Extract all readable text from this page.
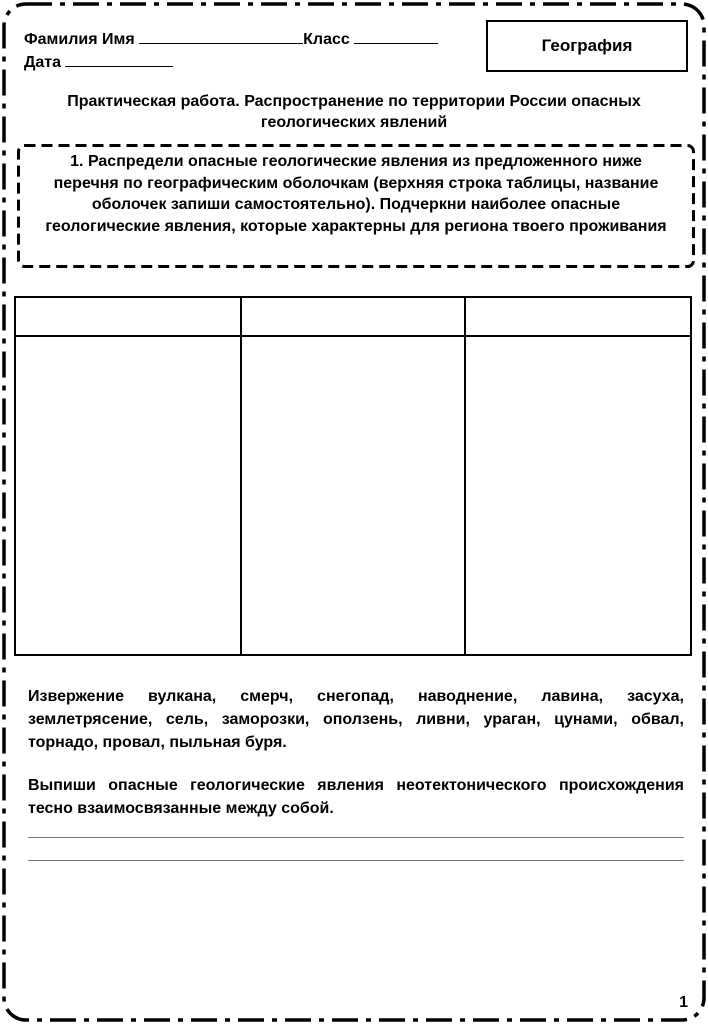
Фамилия Имя	Класс
Дата
География
Практическая работа. Распространение по территории России опасных геологических явлений
1. Распредели опасные геологические явления из предложенного ниже перечня по географическим оболочкам (верхняя строка таблицы, название оболочек запиши самостоятельно). Подчеркни наиболее опасные геологические явления, которые характерны для региона твоего проживания

Извержение вулкана, смерч, снегопад, наводнение, лавина, засуха, землетрясение, сель, заморозки, оползень, ливни, ураган, цунами, обвал, торнадо, провал, пыльная буря.
Выпиши опасные геологические явления неотектонического происхождения тесно взаимосвязанные между собой.
1
